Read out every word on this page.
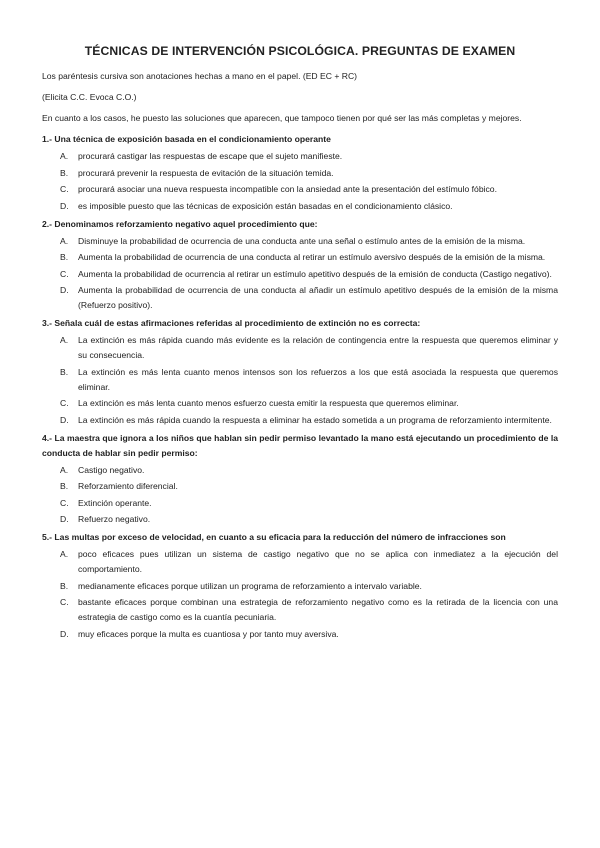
TÉCNICAS DE INTERVENCIÓN PSICOLÓGICA. PREGUNTAS DE EXAMEN

Los paréntesis cursiva son anotaciones hechas a mano en el papel. (ED EC + RC)

(Elicita C.C. Evoca C.O.)

En cuanto a los casos, he puesto las soluciones que aparecen, que tampoco tienen por qué ser las más completas y mejores.

1.- Una técnica de exposición basada en el condicionamiento operante
A. procurará castigar las respuestas de escape que el sujeto manifieste.
B. procurará prevenir la respuesta de evitación de la situación temida.
C. procurará asociar una nueva respuesta incompatible con la ansiedad ante la presentación del estímulo fóbico.
D. es imposible puesto que las técnicas de exposición están basadas en el condicionamiento clásico.
2.- Denominamos reforzamiento negativo aquel procedimiento que:
A. Disminuye la probabilidad de ocurrencia de una conducta ante una señal o estímulo antes de la emisión de la misma.
B. Aumenta la probabilidad de ocurrencia de una conducta al retirar un estímulo aversivo después de la emisión de la misma.
C. Aumenta la probabilidad de ocurrencia al retirar un estímulo apetitivo después de la emisión de conducta (Castigo negativo).
D. Aumenta la probabilidad de ocurrencia de una conducta al añadir un estímulo apetitivo después de la emisión de la misma (Refuerzo positivo).
3.- Señala cuál de estas afirmaciones referidas al procedimiento de extinción no es correcta:
A. La extinción es más rápida cuando más evidente es la relación de contingencia entre la respuesta que queremos eliminar y su consecuencia.
B. La extinción es más lenta cuanto menos intensos son los refuerzos a los que está asociada la respuesta que queremos eliminar.
C. La extinción es más lenta cuanto menos esfuerzo cuesta emitir la respuesta que queremos eliminar.
D. La extinción es más rápida cuando la respuesta a eliminar ha estado sometida a un programa de reforzamiento intermitente.
4.- La maestra que ignora a los niños que hablan sin pedir permiso levantado la mano está ejecutando un procedimiento de la conducta de hablar sin pedir permiso:
A. Castigo negativo.
B. Reforzamiento diferencial.
C. Extinción operante.
D. Refuerzo negativo.
5.- Las multas por exceso de velocidad, en cuanto a su eficacia para la reducción del número de infracciones son
A. poco eficaces pues utilizan un sistema de castigo negativo que no se aplica con inmediatez a la ejecución del comportamiento.
B. medianamente eficaces porque utilizan un programa de reforzamiento a intervalo variable.
C. bastante eficaces porque combinan una estrategia de reforzamiento negativo como es la retirada de la licencia con una estrategia de castigo como es la cuantía pecuniaria.
D. muy eficaces porque la multa es cuantiosa y por tanto muy aversiva.
